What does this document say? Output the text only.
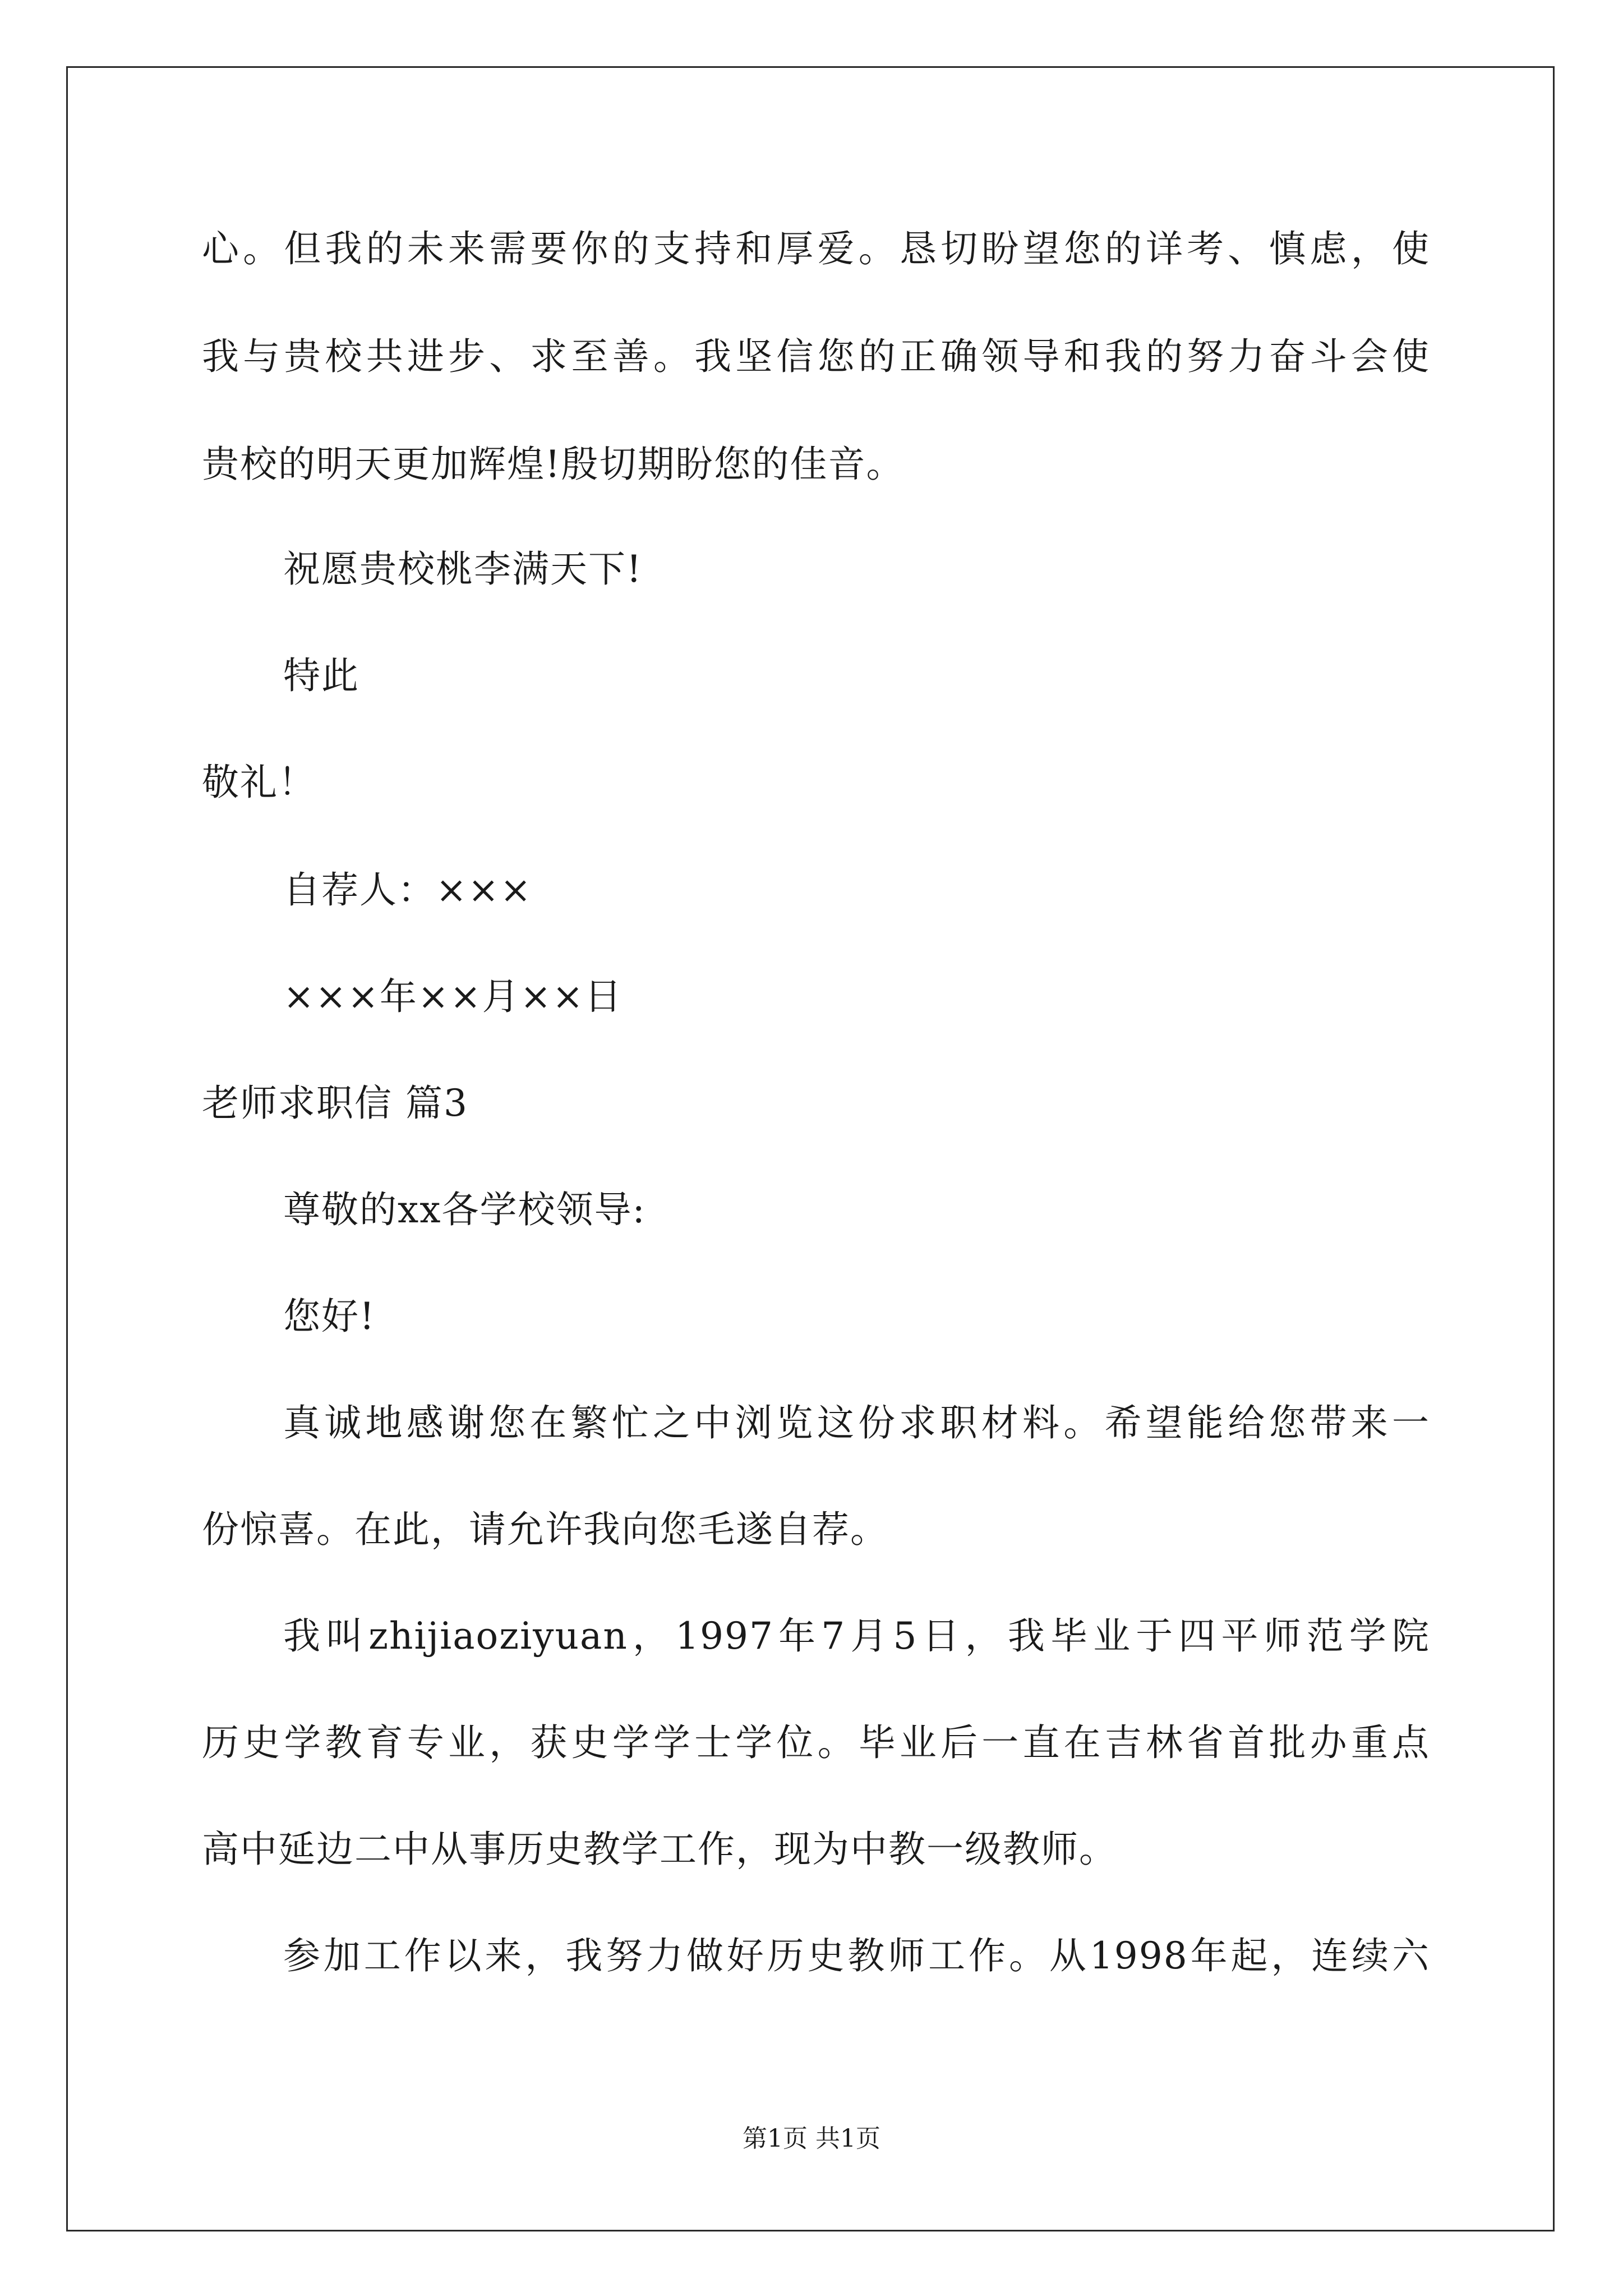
心。但我的未来需要你的支持和厚爱。恳切盼望您的详考、慎虑，使
我与贵校共进步、求至善。我坚信您的正确领导和我的努力奋斗会使
贵校的明天更加辉煌!殷切期盼您的佳音。
祝愿贵校桃李满天下!
特此
敬礼！
自荐人：×××
×××年××月××日
老师求职信 篇3
尊敬的xx各学校领导:
您好!
真诚地感谢您在繁忙之中浏览这份求职材料。希望能给您带来一
份惊喜。在此，请允许我向您毛遂自荐。
我叫zhijiaoziyuan，1997年7月5日，我毕业于四平师范学院
历史学教育专业，获史学学士学位。毕业后一直在吉林省首批办重点
高中延边二中从事历史教学工作，现为中教一级教师。
参加工作以来，我努力做好历史教师工作。从1998年起，连续六
第1页 共1页
